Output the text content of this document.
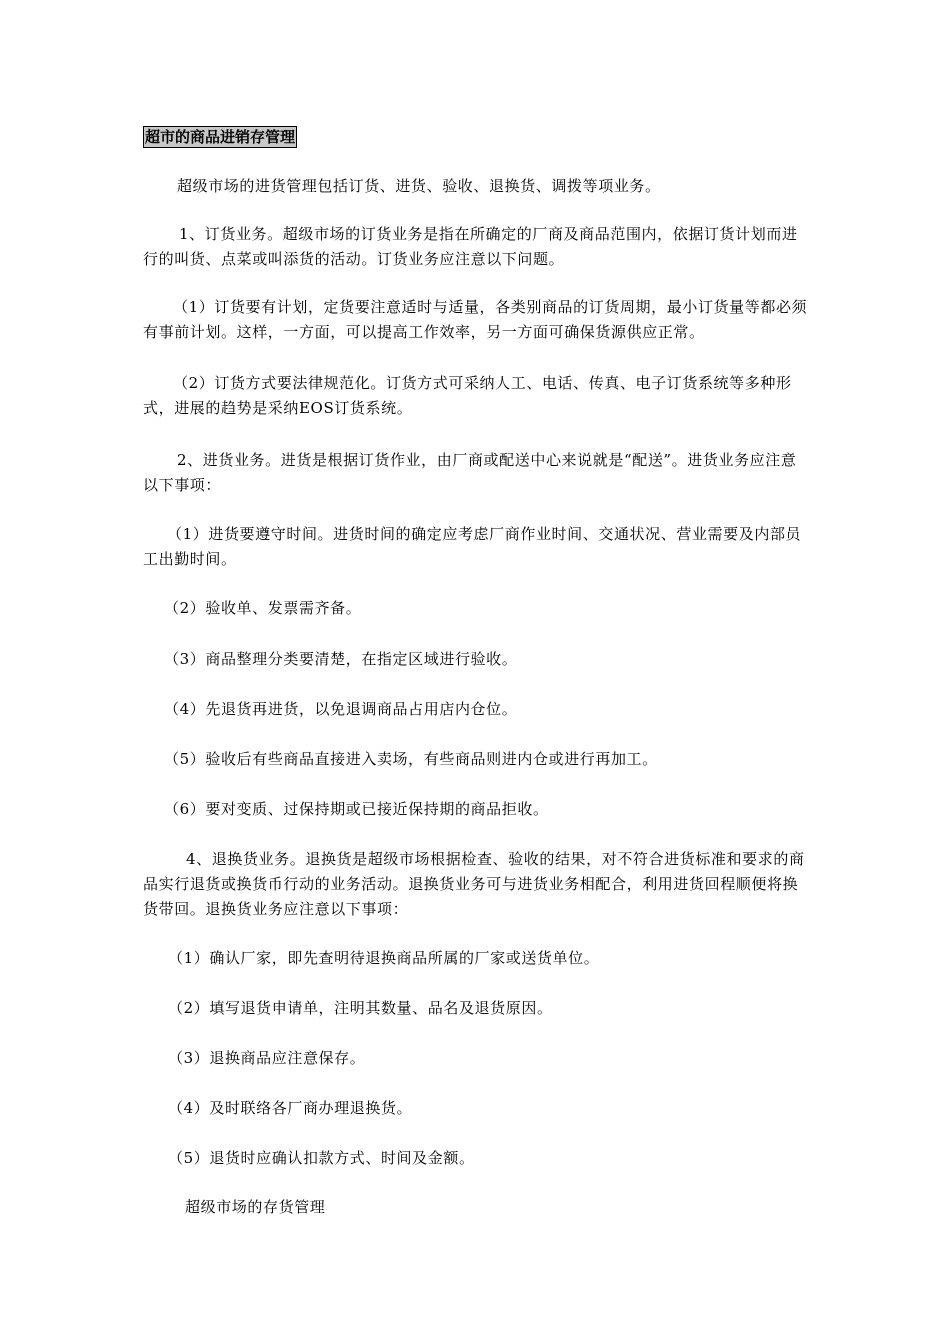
超市的商品进销存管理

超级市场的进货管理包括订货、进货、验收、退换货、调拨等项业务。

1、订货业务。超级市场的订货业务是指在所确定的厂商及商品范围内，依据订货计划而进行的叫货、点菜或叫添货的活动。订货业务应注意以下问题。

（1）订货要有计划，定货要注意适时与适量，各类别商品的订货周期，最小订货量等都必须有事前计划。这样，一方面，可以提高工作效率，另一方面可确保货源供应正常。

（2）订货方式要法律规范化。订货方式可采纳人工、电话、传真、电子订货系统等多种形式，进展的趋势是采纳EOS订货系统。

2、进货业务。进货是根据订货作业，由厂商或配送中心来说就是“配送”。进货业务应注意以下事项：

（1）进货要遵守时间。进货时间的确定应考虑厂商作业时间、交通状况、营业需要及内部员工出勤时间。

（2）验收单、发票需齐备。

（3）商品整理分类要清楚，在指定区域进行验收。

（4）先退货再进货，以免退调商品占用店内仓位。

（5）验收后有些商品直接进入卖场，有些商品则进内仓或进行再加工。

（6）要对变质、过保持期或已接近保持期的商品拒收。

4、退换货业务。退换货是超级市场根据检查、验收的结果，对不符合进货标准和要求的商品实行退货或换货币行动的业务活动。退换货业务可与进货业务相配合，利用进货回程顺便将换货带回。退换货业务应注意以下事项：

（1）确认厂家，即先查明待退换商品所属的厂家或送货单位。

（2）填写退货申请单，注明其数量、品名及退货原因。

（3）退换商品应注意保存。

（4）及时联络各厂商办理退换货。

（5）退货时应确认扣款方式、时间及金额。

超级市场的存货管理
